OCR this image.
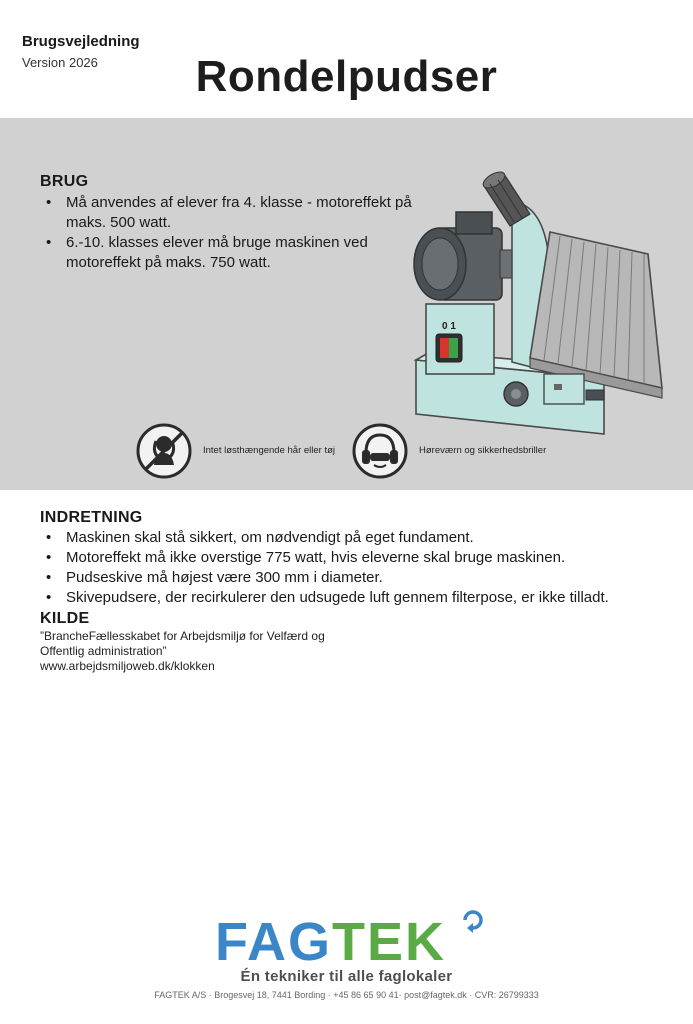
Brugsvejledning
Version 2026	Rondelpudser
BRUG
• Må anvendes af elever fra 4. klasse - motoreffekt på maks. 500 watt.
• 6.-10. klasses elever må bruge maskinen ved motoreffekt på maks. 750 watt.
0 1
Intet løsthængende hår eller tøj	Høreværn og sikkerhedsbriller
INDRETNING
• Maskinen skal stå sikkert, om nødvendigt på eget fundament.
• Motoreffekt må ikke overstige 775 watt, hvis eleverne skal bruge maskinen.
• Pudseskive må højest være 300 mm i diameter.
• Skivepudsere, der recirkulerer den udsugede luft gennem filterpose, er ikke tilladt.
KILDE
”BrancheFællesskabet for Arbejdsmiljø for Velfærd og
Offentlig administration”
www.arbejdsmiljoweb.dk/klokken
FAGTEK
Én tekniker til alle faglokaler
FAGTEK A/S · Brogesvej 18, 7441 Bording · +45 86 65 90 41· post@fagtek.dk · CVR: 26799333
